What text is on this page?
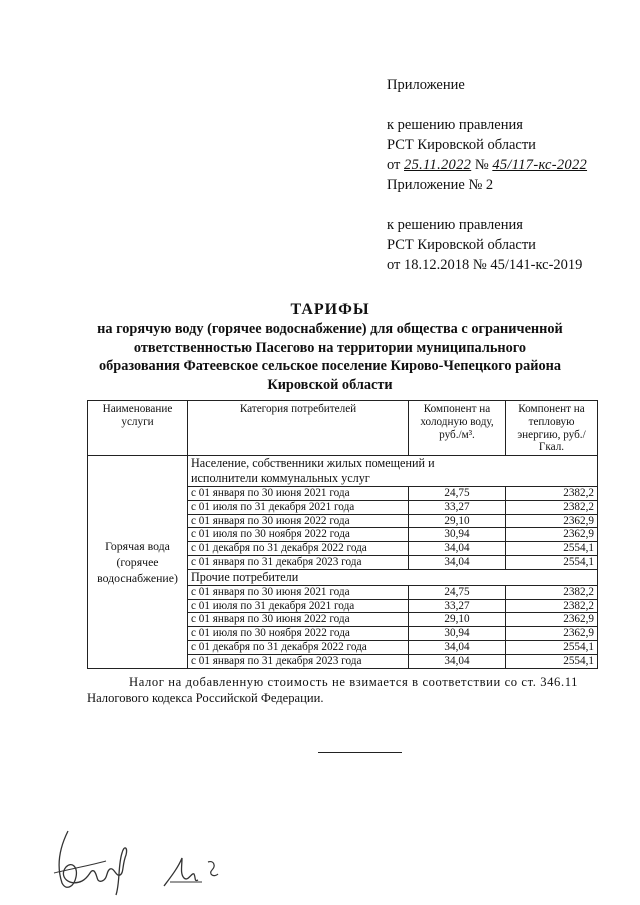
Приложение
к решению правления
РСТ Кировской области
от 25.11.2022 № 45/117-кс-2022
Приложение № 2
к решению правления
РСТ Кировской области
от 18.12.2018 № 45/141-кс-2019
ТАРИФЫ
на горячую воду (горячее водоснабжение) для общества с ограниченной
ответственностью Пасегово на территории муниципального
образования Фатеевское сельское поселение Кирово-Чепецкого района
Кировской области
Наименование услуги	Категория потребителей	Компонент на холодную воду, руб./м³.	Компонент на тепловую энергию, руб./Гкал.
Горячая вода (горячее водоснабжение)	Население, собственники жилых помещений и исполнители коммунальных услуг		
	с 01 января по 30 июня 2021 года	24,75	2382,2
	с 01 июля по 31 декабря 2021 года	33,27	2382,2
	с 01 января по 30 июня 2022 года	29,10	2362,9
	с 01 июля по 30 ноября 2022 года	30,94	2362,9
	с 01 декабря по 31 декабря 2022 года	34,04	2554,1
	с 01 января по 31 декабря 2023 года	34,04	2554,1
	Прочие потребители		
	с 01 января по 30 июня 2021 года	24,75	2382,2
	с 01 июля по 31 декабря 2021 года	33,27	2382,2
	с 01 января по 30 июня 2022 года	29,10	2362,9
	с 01 июля по 30 ноября 2022 года	30,94	2362,9
	с 01 декабря по 31 декабря 2022 года	34,04	2554,1
	с 01 января по 31 декабря 2023 года	34,04	2554,1
Налог на добавленную стоимость не взимается в соответствии со ст. 346.11
Налогового кодекса Российской Федерации.
